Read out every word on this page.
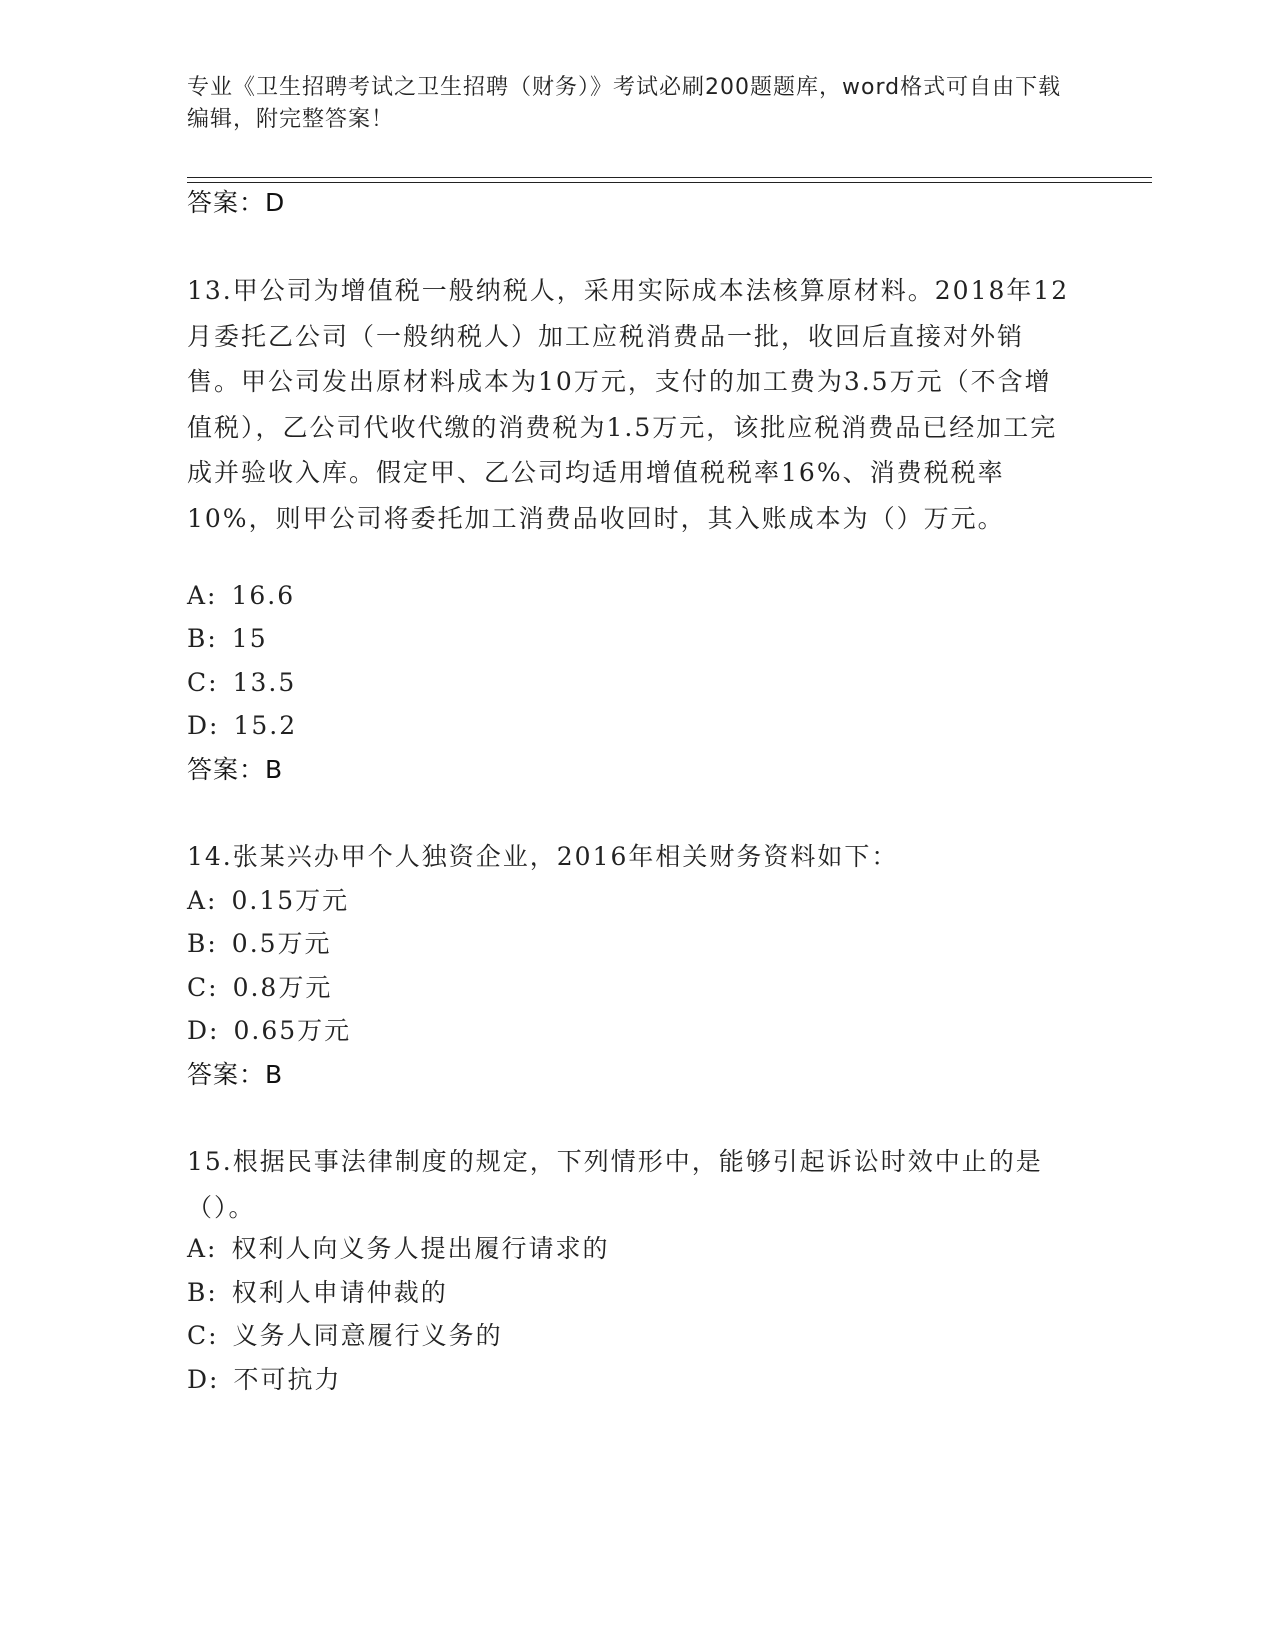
专业《卫生招聘考试之卫生招聘（财务）》考试必刷200题题库，word格式可自由下载编辑，附完整答案！
答案：D
13.甲公司为增值税一般纳税人，采用实际成本法核算原材料。2018年12月委托乙公司（一般纳税人）加工应税消费品一批，收回后直接对外销售。甲公司发出原材料成本为10万元，支付的加工费为3.5万元（不含增值税），乙公司代收代缴的消费税为1.5万元，该批应税消费品已经加工完成并验收入库。假定甲、乙公司均适用增值税税率16%、消费税税率10%，则甲公司将委托加工消费品收回时，其入账成本为（）万元。
A: 16.6
B: 15
C: 13.5
D: 15.2
答案：B
14.张某兴办甲个人独资企业，2016年相关财务资料如下：
A: 0.15万元
B: 0.5万元
C: 0.8万元
D: 0.65万元
答案：B
15.根据民事法律制度的规定，下列情形中，能够引起诉讼时效中止的是（）。
A: 权利人向义务人提出履行请求的
B: 权利人申请仲裁的
C: 义务人同意履行义务的
D: 不可抗力
